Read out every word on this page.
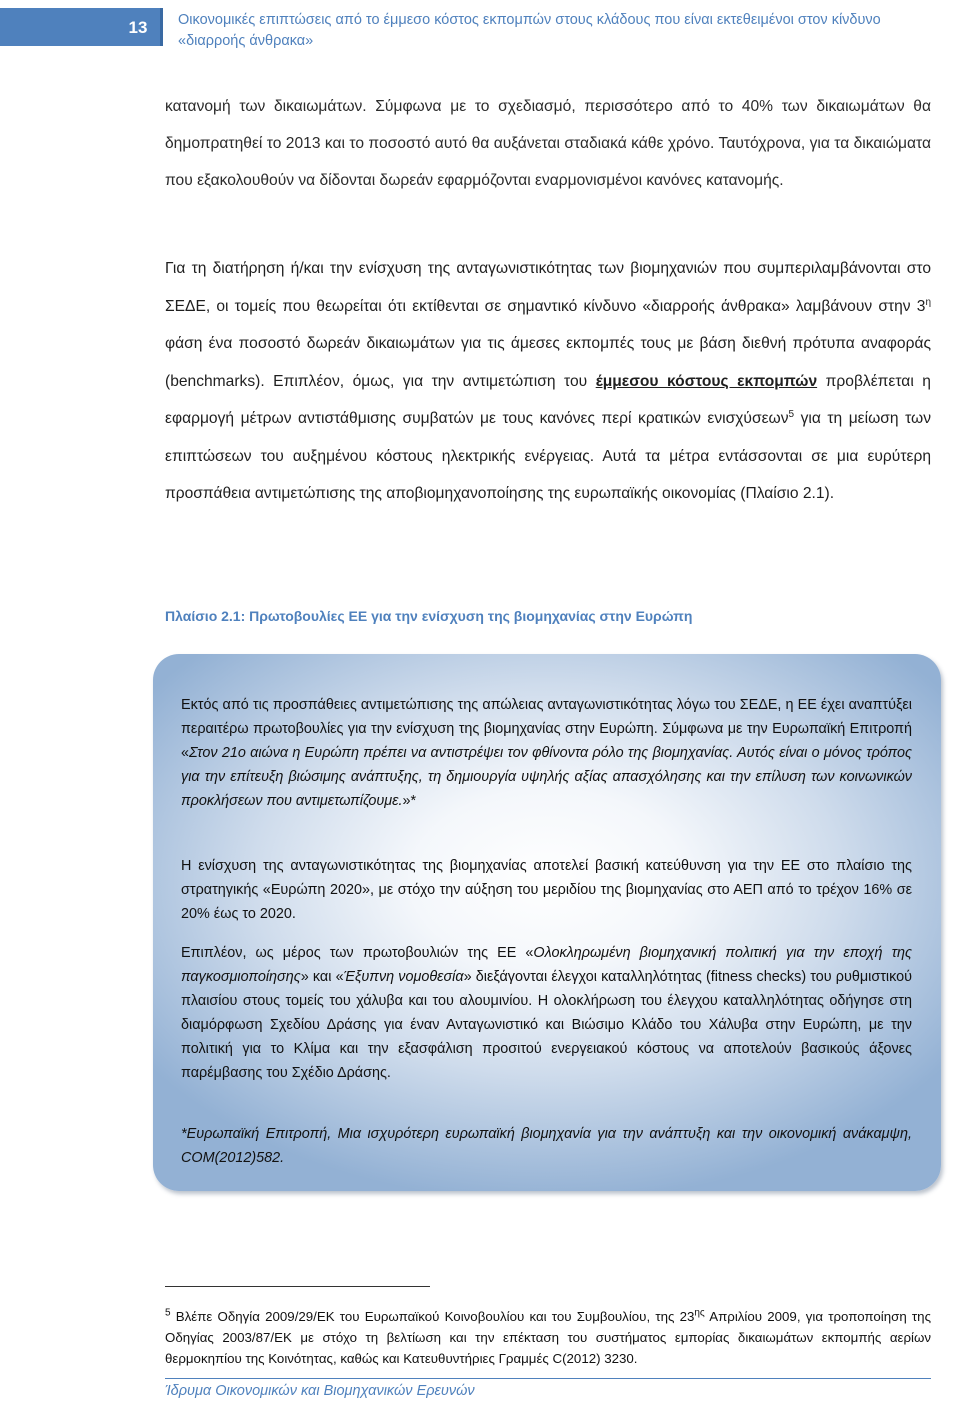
13	Οικονομικές επιπτώσεις από το έμμεσο κόστος εκπομπών στους κλάδους που είναι εκτεθειμένοι στον κίνδυνο «διαρροής άνθρακα»

κατανομή των δικαιωμάτων. Σύμφωνα με το σχεδιασμό, περισσότερο από το 40% των δικαιωμάτων θα δημοπρατηθεί το 2013 και το ποσοστό αυτό θα αυξάνεται σταδιακά κάθε χρόνο. Ταυτόχρονα, για τα δικαιώματα που εξακολουθούν να δίδονται δωρεάν εφαρμόζονται εναρμονισμένοι κανόνες κατανομής.

Για τη διατήρηση ή/και την ενίσχυση της ανταγωνιστικότητας των βιομηχανιών που συμπεριλαμβάνονται στο ΣΕΔΕ, οι τομείς που θεωρείται ότι εκτίθενται σε σημαντικό κίνδυνο «διαρροής άνθρακα» λαμβάνουν στην $3^\eta$ φάση ένα ποσοστό δωρεάν δικαιωμάτων για τις άμεσες εκπομπές τους με βάση διεθνή πρότυπα αναφοράς (benchmarks). Επιπλέον, όμως, για την αντιμετώπιση του έμμεσου κόστους εκπομπών προβλέπεται η εφαρμογή μέτρων αντιστάθμισης συμβατών με τους κανόνες περί κρατικών ενισχύσεων$^5$ για τη μείωση των επιπτώσεων του αυξημένου κόστους ηλεκτρικής ενέργειας. Αυτά τα μέτρα εντάσσονται σε μια ευρύτερη προσπάθεια αντιμετώπισης της αποβιομηχανοποίησης της ευρωπαϊκής οικονομίας (Πλαίσιο 2.1).

Πλαίσιο 2.1: Πρωτοβουλίες ΕΕ για την ενίσχυση της βιομηχανίας στην Ευρώπη

Εκτός από τις προσπάθειες αντιμετώπισης της απώλειας ανταγωνιστικότητας λόγω του ΣΕΔΕ, η ΕΕ έχει αναπτύξει περαιτέρω πρωτοβουλίες για την ενίσχυση της βιομηχανίας στην Ευρώπη. Σύμφωνα με την Ευρωπαϊκή Επιτροπή «Στον 21ο αιώνα η Ευρώπη πρέπει να αντιστρέψει τον φθίνοντα ρόλο της βιομηχανίας. Αυτός είναι ο μόνος τρόπος για την επίτευξη βιώσιμης ανάπτυξης, τη δημιουργία υψηλής αξίας απασχόλησης και την επίλυση των κοινωνικών προκλήσεων που αντιμετωπίζουμε.»*

Η ενίσχυση της ανταγωνιστικότητας της βιομηχανίας αποτελεί βασική κατεύθυνση για την ΕΕ στο πλαίσιο της στρατηγικής «Ευρώπη 2020», με στόχο την αύξηση του μεριδίου της βιομηχανίας στο ΑΕΠ από το τρέχον 16% σε 20% έως το 2020.

Επιπλέον, ως μέρος των πρωτοβουλιών της ΕΕ «Ολοκληρωμένη βιομηχανική πολιτική για την εποχή της παγκοσμιοποίησης» και «Έξυπνη νομοθεσία» διεξάγονται έλεγχοι καταλληλότητας (fitness checks) του ρυθμιστικού πλαισίου στους τομείς του χάλυβα και του αλουμινίου. Η ολοκλήρωση του έλεγχου καταλληλότητας οδήγησε στη διαμόρφωση Σχεδίου Δράσης για έναν Ανταγωνιστικό και Βιώσιμο Κλάδο του Χάλυβα στην Ευρώπη, με την πολιτική για το Κλίμα και την εξασφάλιση προσιτού ενεργειακού κόστους να αποτελούν βασικούς άξονες παρέμβασης του Σχέδιο Δράσης.

*Ευρωπαϊκή Επιτροπή, Μια ισχυρότερη ευρωπαϊκή βιομηχανία για την ανάπτυξη και την οικονομική ανάκαμψη, COM(2012)582.

$^5$ Βλέπε Οδηγία 2009/29/ΕΚ του Ευρωπαϊκού Κοινοβουλίου και του Συμβουλίου, της $23^{\eta\varsigma}$ Απριλίου 2009, για τροποποίηση της Οδηγίας 2003/87/ΕΚ με στόχο τη βελτίωση και την επέκταση του συστήματος εμπορίας δικαιωμάτων εκπομπής αερίων θερμοκηπίου της Κοινότητας, καθώς και Κατευθυντήριες Γραμμές C(2012) 3230.

Ίδρυμα Οικονομικών και Βιομηχανικών Ερευνών
